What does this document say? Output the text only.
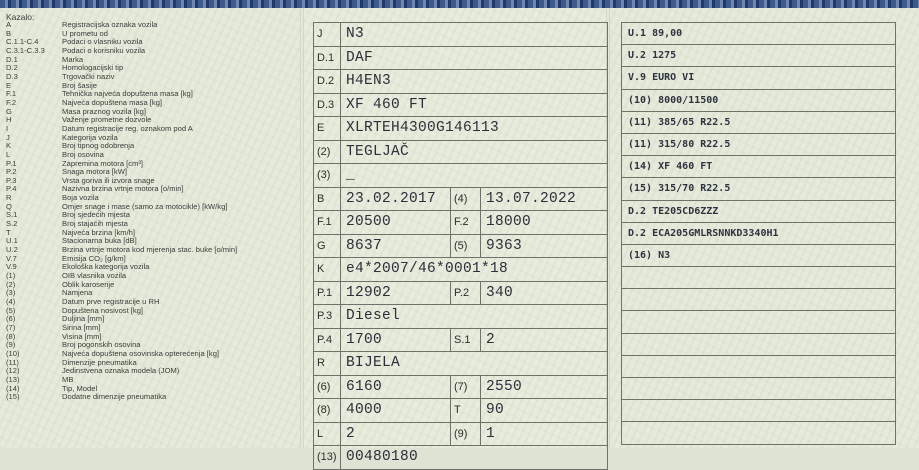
Kazalo:
A	Registracijska oznaka vozila
B	U prometu od
C.1.1-C.4	Podaci o vlasniku vozila
C.3.1-C.3.3	Podaci o korisniku vozila
D.1	Marka
D.2	Homologacijski tip
D.3	Trgovački naziv
E	Broj šasije
F.1	Tehnička najveća dopuštena masa [kg]
F.2	Najveća dopuštena masa [kg]
G	Masa praznog vozila [kg]
H	Važenje prometne dozvole
I	Datum registracije reg. oznakom pod A
J	Kategorija vozila
K	Broj tipnog odobrenja
L	Broj osovina
P.1	Zapremina motora [cm³]
P.2	Snaga motora [kW]
P.3	Vrsta goriva ili izvora snage
P.4	Nazivna brzina vrtnje motora [o/min]
R	Boja vozila
Q	Omjer snage i mase (samo za motocikle) [kW/kg]
S.1	Broj sjedećih mjesta
S.2	Broj stajaćih mjesta
T	Najveća brzina [km/h]
U.1	Stacionarna buka [dB]
U.2	Brzina vrtnje motora kod mjerenja stac. buke [o/min]
V.7	Emisija CO₂ [g/km]
V.9	Ekološka kategorija vozila
(1)	OIB vlasnika vozila
(2)	Oblik karoserije
(3)	Namjena
(4)	Datum prve registracije u RH
(5)	Dopuštena nosivost [kg]
(6)	Duljina [mm]
(7)	Širina [mm]
(8)	Visina [mm]
(9)	Broj pogonskih osovina
(10)	Najveća dopuštena osovinska opterećenja [kg]
(11)	Dimenzije pneumatika
(12)	Jedinstvena oznaka modela (JOM)
(13)	MB
(14)	Tip, Model
(15)	Dodatne dimenzije pneumatika
J	N3		
D.1	DAF		
D.2	H4EN3		
D.3	XF 460 FT		
E	XLRTEH4300G146113		
(2)	TEGLJAČ		
(3)	_		
B	23.02.2017	(4)	13.07.2022
F.1	20500	F.2	18000
G	8637	(5)	9363
K	e4*2007/46*0001*18		
P.1	12902	P.2	340
P.3	Diesel		
P.4	1700	S.1	2
R	BIJELA		
(6)	6160	(7)	2550
(8)	4000	T	90
L	2	(9)	1
(13)	00480180		
U.1 89,00
U.2 1275
V.9 EURO VI
(10) 8000/11500
(11) 385/65 R22.5
(11) 315/80 R22.5
(14) XF 460 FT
(15) 315/70 R22.5
D.2 TE205CD6ZZZ
D.2 ECA205GMLRSNNKD3340H1
(16) N3
